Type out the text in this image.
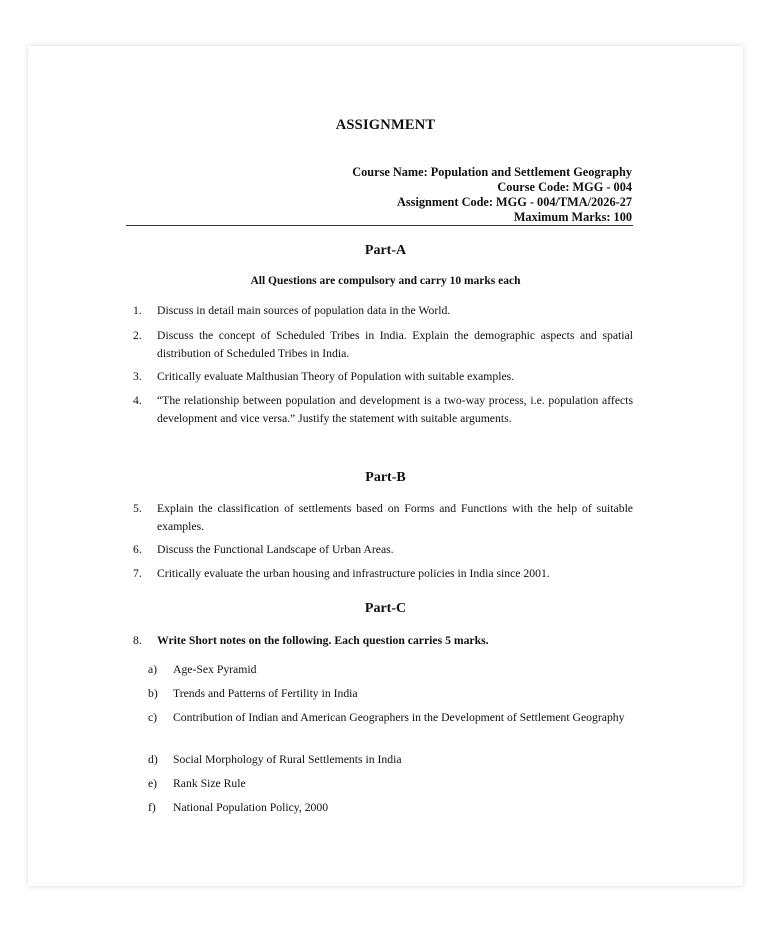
ASSIGNMENT
Course Name: Population and Settlement Geography
Course Code: MGG - 004
Assignment Code: MGG - 004/TMA/2026-27
Maximum Marks: 100
Part-A
All Questions are compulsory and carry 10 marks each
1.	Discuss in detail main sources of population data in the World.
2.	Discuss the concept of Scheduled Tribes in India. Explain the demographic aspects and spatial distribution of Scheduled Tribes in India.
3.	Critically evaluate Malthusian Theory of Population with suitable examples.
4.	“The relationship between population and development is a two-way process, i.e. population affects development and vice versa.” Justify the statement with suitable arguments.
Part-B
5.	Explain the classification of settlements based on Forms and Functions with the help of suitable examples.
6.	Discuss the Functional Landscape of Urban Areas.
7.	Critically evaluate the urban housing and infrastructure policies in India since 2001.
Part-C
8.	Write Short notes on the following. Each question carries 5 marks.
a)	Age-Sex Pyramid
b)	Trends and Patterns of Fertility in India
c)	Contribution of Indian and American Geographers in the Development of Settlement Geography
d)	Social Morphology of Rural Settlements in India
e)	Rank Size Rule
f)	National Population Policy, 2000
